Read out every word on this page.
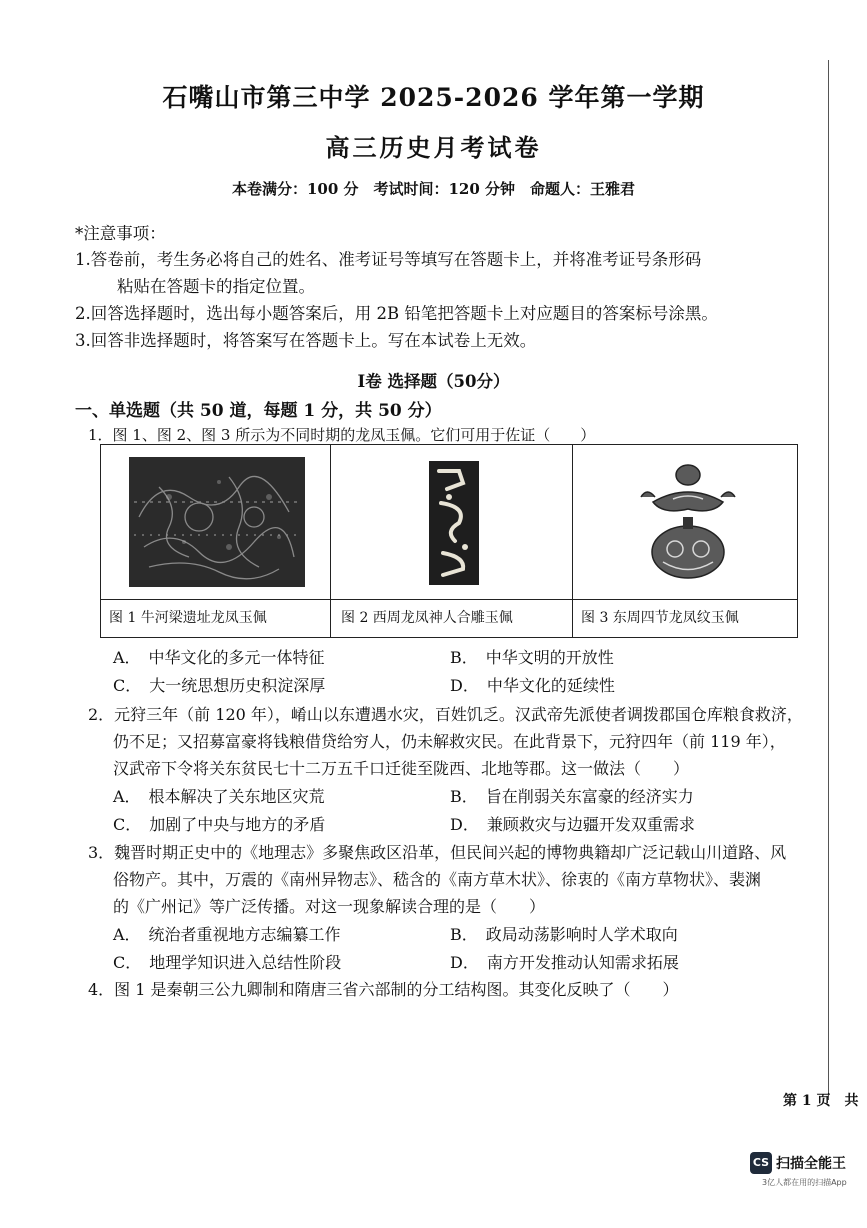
石嘴山市第三中学 2025-2026 学年第一学期
高三历史月考试卷
本卷满分：100 分　考试时间：120 分钟　命题人：王雅君
*注意事项：
1.答卷前，考生务必将自己的姓名、准考证号等填写在答题卡上，并将准考证号条形码
粘贴在答题卡的指定位置。
2.回答选择题时，选出每小题答案后，用 2B 铅笔把答题卡上对应题目的答案标号涂黑。
3.回答非选择题时，将答案写在答题卡上。写在本试卷上无效。
I卷 选择题（50分）
一、单选题（共 50 道，每题 1 分，共 50 分）
1．图 1、图 2、图 3 所示为不同时期的龙凤玉佩。它们可用于佐证（　　）
图 1 牛河梁遗址龙凤玉佩	图 2 西周龙凤神人合雕玉佩	图 3 东周四节龙凤纹玉佩
A．　中华文化的多元一体特征	B．　中华文明的开放性
C．　大一统思想历史积淀深厚	D．　中华文化的延续性
2．元狩三年（前 120 年），崤山以东遭遇水灾，百姓饥乏。汉武帝先派使者调拨郡国仓库粮食救济，
仍不足；又招募富豪将钱粮借贷给穷人，仍未解救灾民。在此背景下，元狩四年（前 119 年），
汉武帝下令将关东贫民七十二万五千口迁徙至陇西、北地等郡。这一做法（　　）
A．　根本解决了关东地区灾荒	B．　旨在削弱关东富豪的经济实力
C．　加剧了中央与地方的矛盾	D．　兼顾救灾与边疆开发双重需求
3．魏晋时期正史中的《地理志》多聚焦政区沿革，但民间兴起的博物典籍却广泛记载山川道路、风
俗物产。其中，万震的《南州异物志》、嵇含的《南方草木状》、徐衷的《南方草物状》、裴渊
的《广州记》等广泛传播。对这一现象解读合理的是（　　）
A．　统治者重视地方志编纂工作	B．　政局动荡影响时人学术取向
C．　地理学知识进入总结性阶段	D．　南方开发推动认知需求拓展
4．图 1 是秦朝三公九卿制和隋唐三省六部制的分工结构图。其变化反映了（　　）
第 1 页　共
CS 扫描全能王
3亿人都在用的扫描App
